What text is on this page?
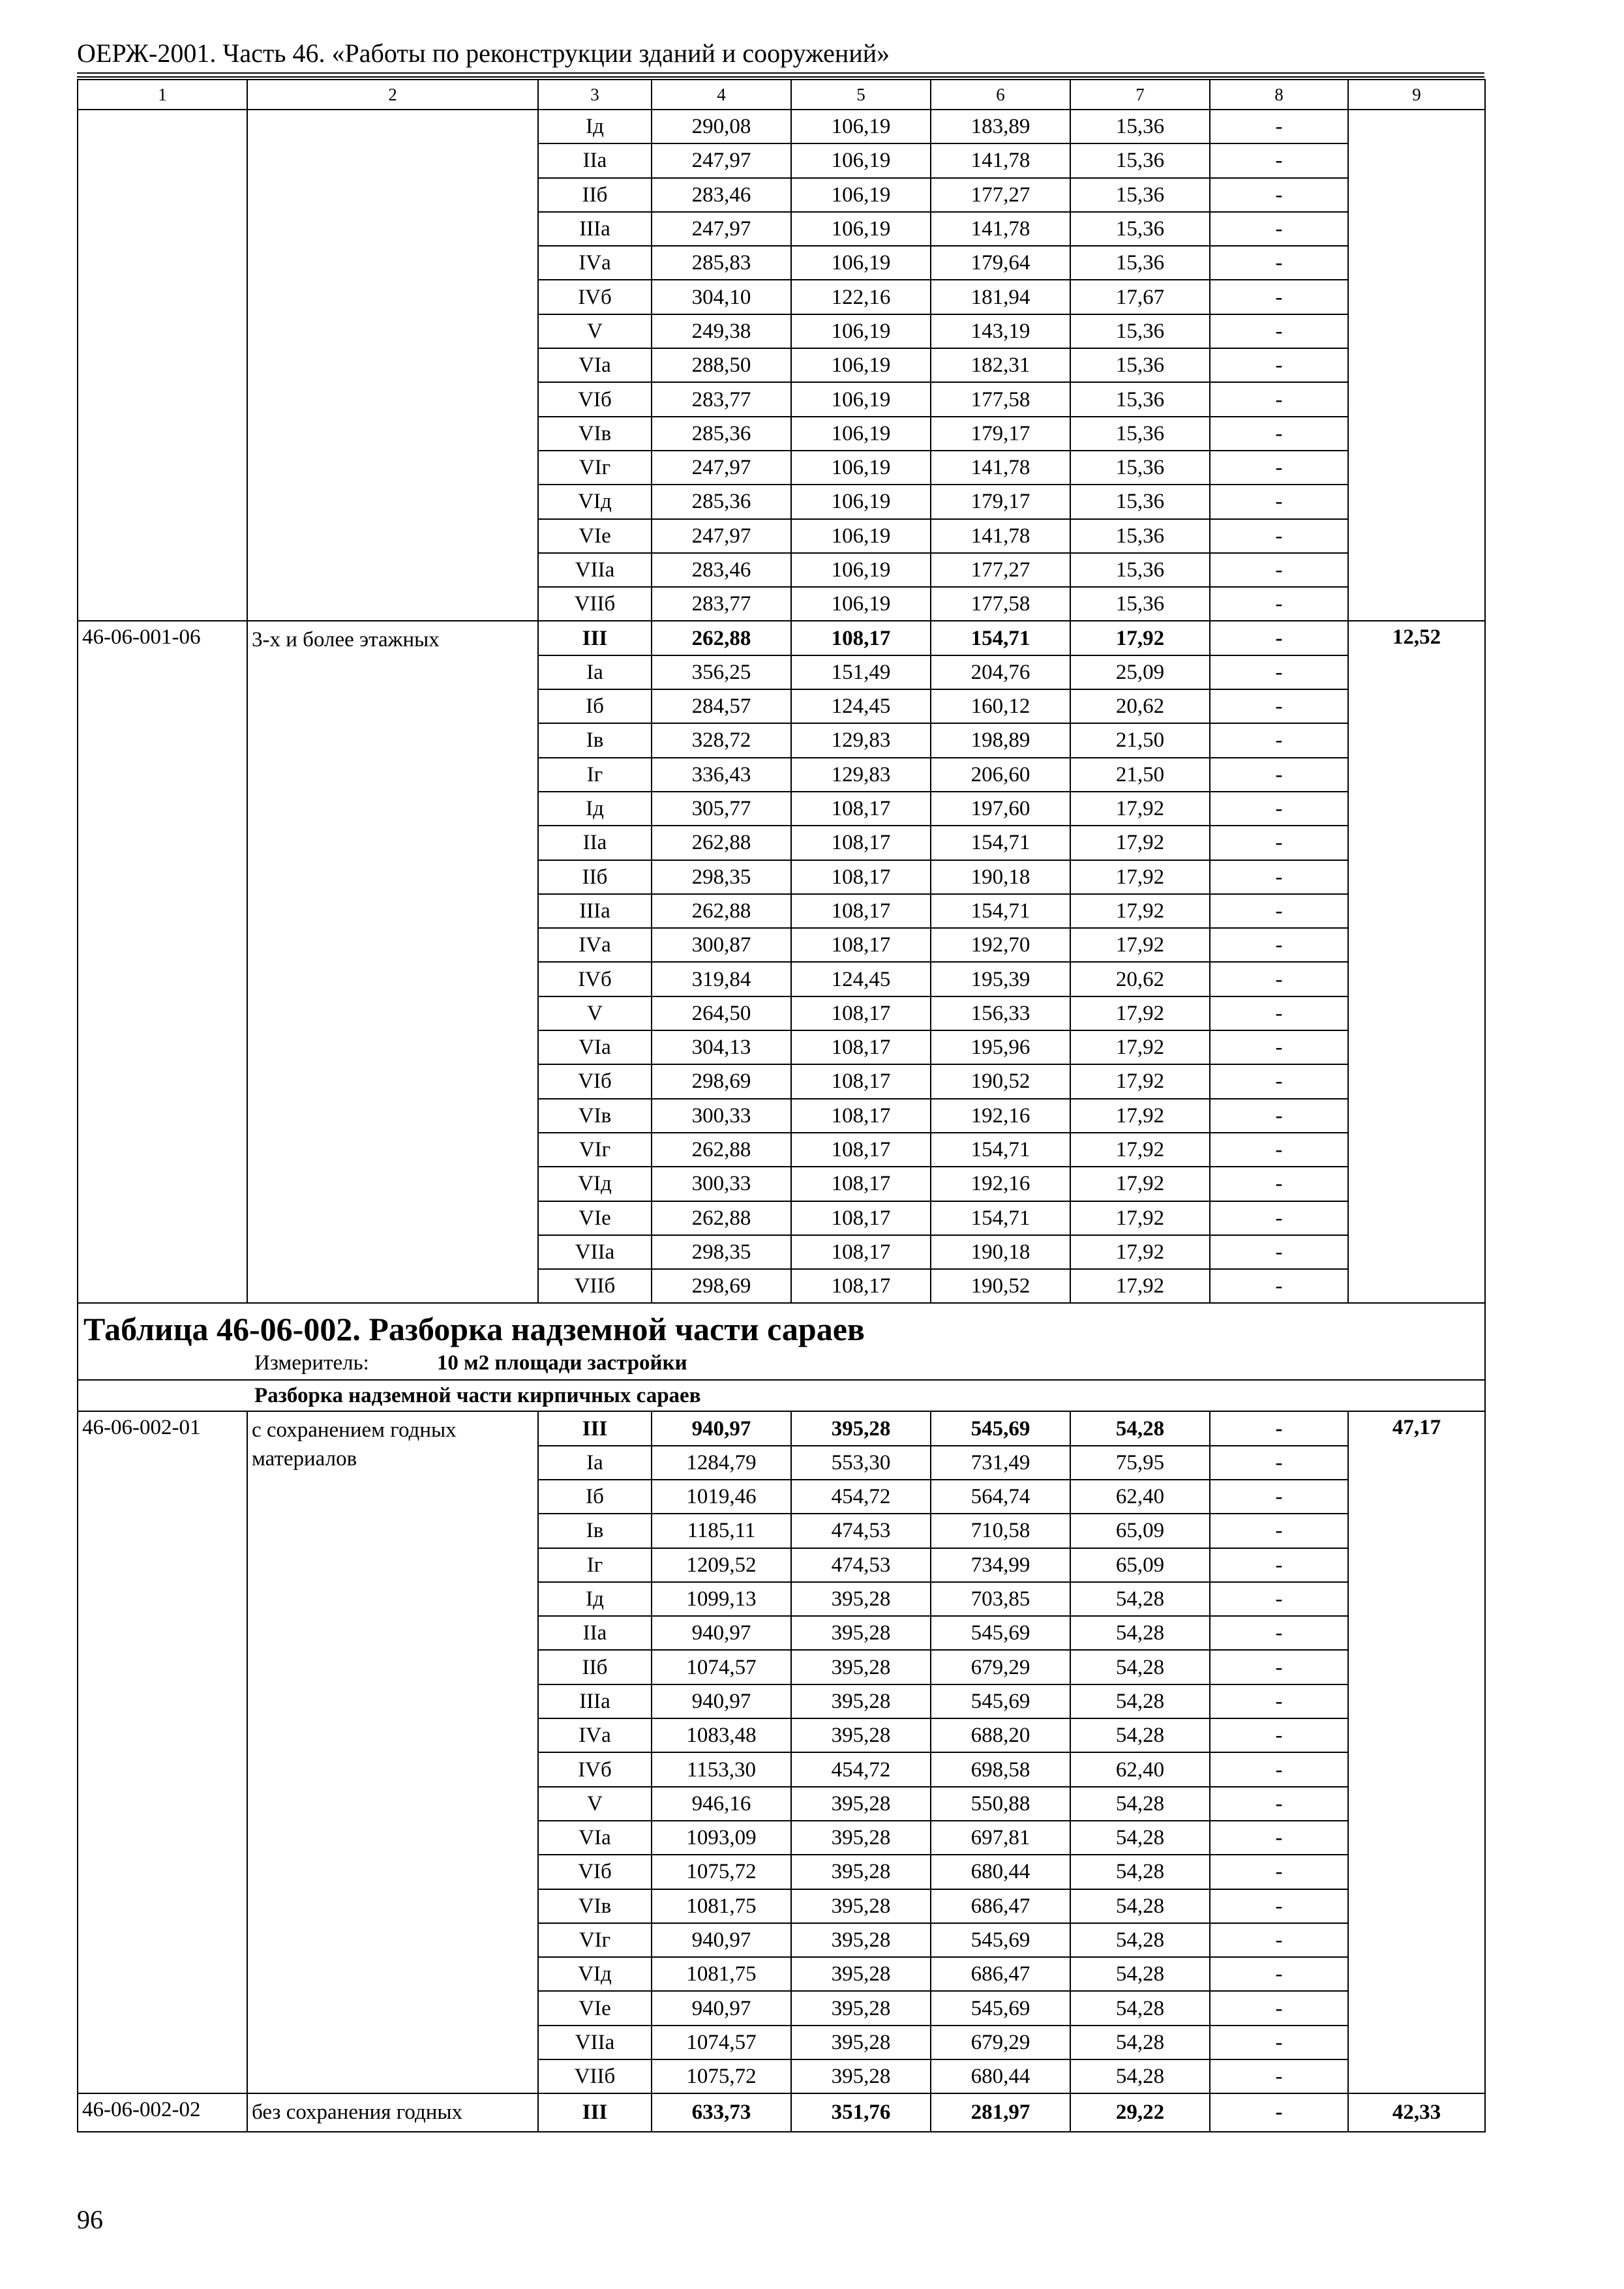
ОЕРЖ-2001. Часть 46. «Работы по реконструкции зданий и сооружений»
1	2	3	4	5	6	7	8	9
		Iд	290,08	106,19	183,89	15,36	-	
		IIа	247,97	106,19	141,78	15,36	-	
		IIб	283,46	106,19	177,27	15,36	-	
		IIIа	247,97	106,19	141,78	15,36	-	
		IVа	285,83	106,19	179,64	15,36	-	
		IVб	304,10	122,16	181,94	17,67	-	
		V	249,38	106,19	143,19	15,36	-	
		VIа	288,50	106,19	182,31	15,36	-	
		VIб	283,77	106,19	177,58	15,36	-	
		VIв	285,36	106,19	179,17	15,36	-	
		VIг	247,97	106,19	141,78	15,36	-	
		VIд	285,36	106,19	179,17	15,36	-	
		VIе	247,97	106,19	141,78	15,36	-	
		VIIа	283,46	106,19	177,27	15,36	-	
		VIIб	283,77	106,19	177,58	15,36	-	
46-06-001-06	3-х и более этажных	III	262,88	108,17	154,71	17,92	-	12,52
		Iа	356,25	151,49	204,76	25,09	-	
		Iб	284,57	124,45	160,12	20,62	-	
		Iв	328,72	129,83	198,89	21,50	-	
		Iг	336,43	129,83	206,60	21,50	-	
		Iд	305,77	108,17	197,60	17,92	-	
		IIа	262,88	108,17	154,71	17,92	-	
		IIб	298,35	108,17	190,18	17,92	-	
		IIIа	262,88	108,17	154,71	17,92	-	
		IVа	300,87	108,17	192,70	17,92	-	
		IVб	319,84	124,45	195,39	20,62	-	
		V	264,50	108,17	156,33	17,92	-	
		VIа	304,13	108,17	195,96	17,92	-	
		VIб	298,69	108,17	190,52	17,92	-	
		VIв	300,33	108,17	192,16	17,92	-	
		VIг	262,88	108,17	154,71	17,92	-	
		VIд	300,33	108,17	192,16	17,92	-	
		VIе	262,88	108,17	154,71	17,92	-	
		VIIа	298,35	108,17	190,18	17,92	-	
		VIIб	298,69	108,17	190,52	17,92	-	

Таблица 46-06-002. Разборка надземной части сараев
Измеритель: 10 м2 площади застройки								

Разборка надземной части кирпичных сараев								
46-06-002-01	с сохранением годных материалов	III	940,97	395,28	545,69	54,28	-	47,17
		Iа	1284,79	553,30	731,49	75,95	-	
		Iб	1019,46	454,72	564,74	62,40	-	
		Iв	1185,11	474,53	710,58	65,09	-	
		Iг	1209,52	474,53	734,99	65,09	-	
		Iд	1099,13	395,28	703,85	54,28	-	
		IIа	940,97	395,28	545,69	54,28	-	
		IIб	1074,57	395,28	679,29	54,28	-	
		IIIа	940,97	395,28	545,69	54,28	-	
		IVа	1083,48	395,28	688,20	54,28	-	
		IVб	1153,30	454,72	698,58	62,40	-	
		V	946,16	395,28	550,88	54,28	-	
		VIа	1093,09	395,28	697,81	54,28	-	
		VIб	1075,72	395,28	680,44	54,28	-	
		VIв	1081,75	395,28	686,47	54,28	-	
		VIг	940,97	395,28	545,69	54,28	-	
		VIд	1081,75	395,28	686,47	54,28	-	
		VIе	940,97	395,28	545,69	54,28	-	
		VIIа	1074,57	395,28	679,29	54,28	-	
		VIIб	1075,72	395,28	680,44	54,28	-	
46-06-002-02	без сохранения годных	III	633,73	351,76	281,97	29,22	-	42,33
96
